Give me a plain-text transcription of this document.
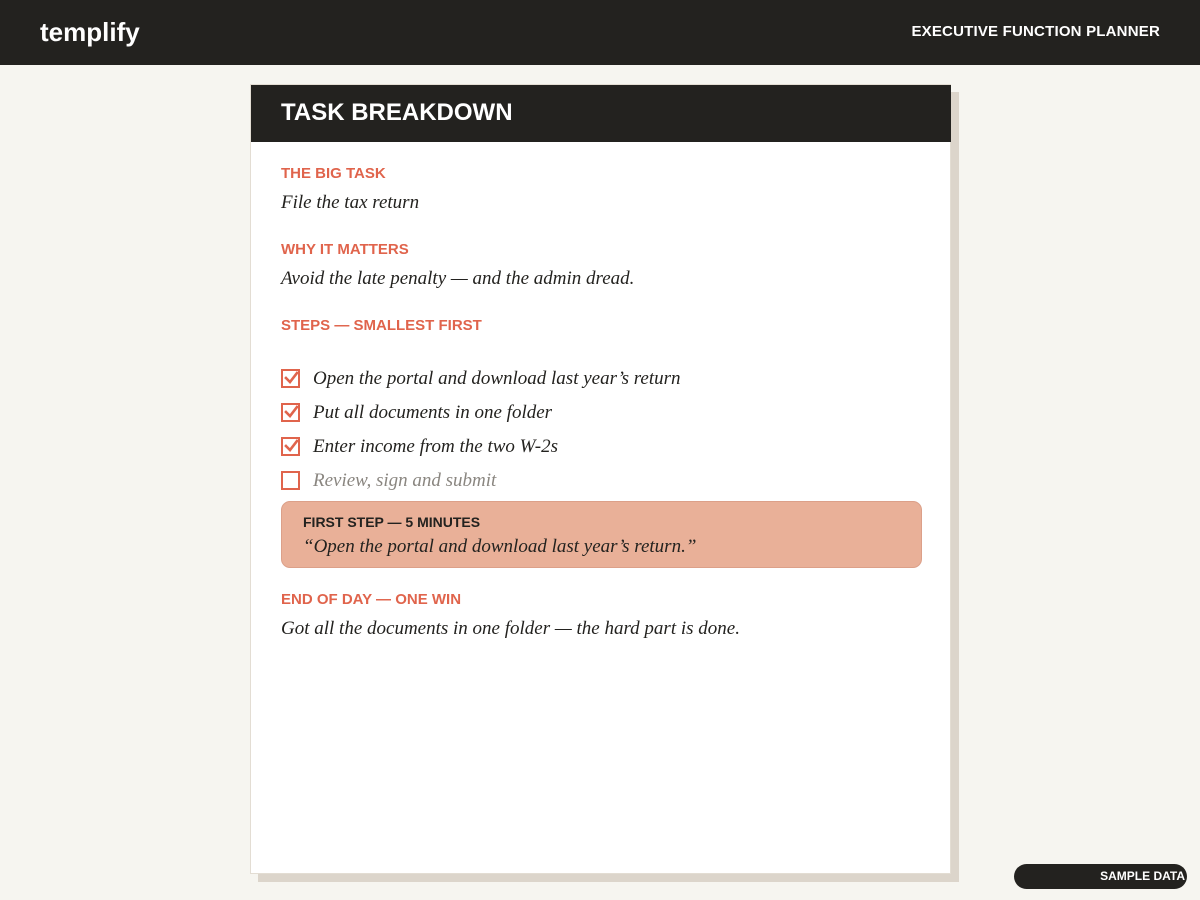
templify	EXECUTIVE FUNCTION PLANNER
TASK BREAKDOWN
THE BIG TASK
File the tax return
WHY IT MATTERS
Avoid the late penalty — and the admin dread.
STEPS — SMALLEST FIRST
Open the portal and download last year’s return
Put all documents in one folder
Enter income from the two W-2s
Review, sign and submit
FIRST STEP — 5 MINUTES
“Open the portal and download last year’s return.”
END OF DAY — ONE WIN
Got all the documents in one folder — the hard part is done.
SAMPLE DATA
